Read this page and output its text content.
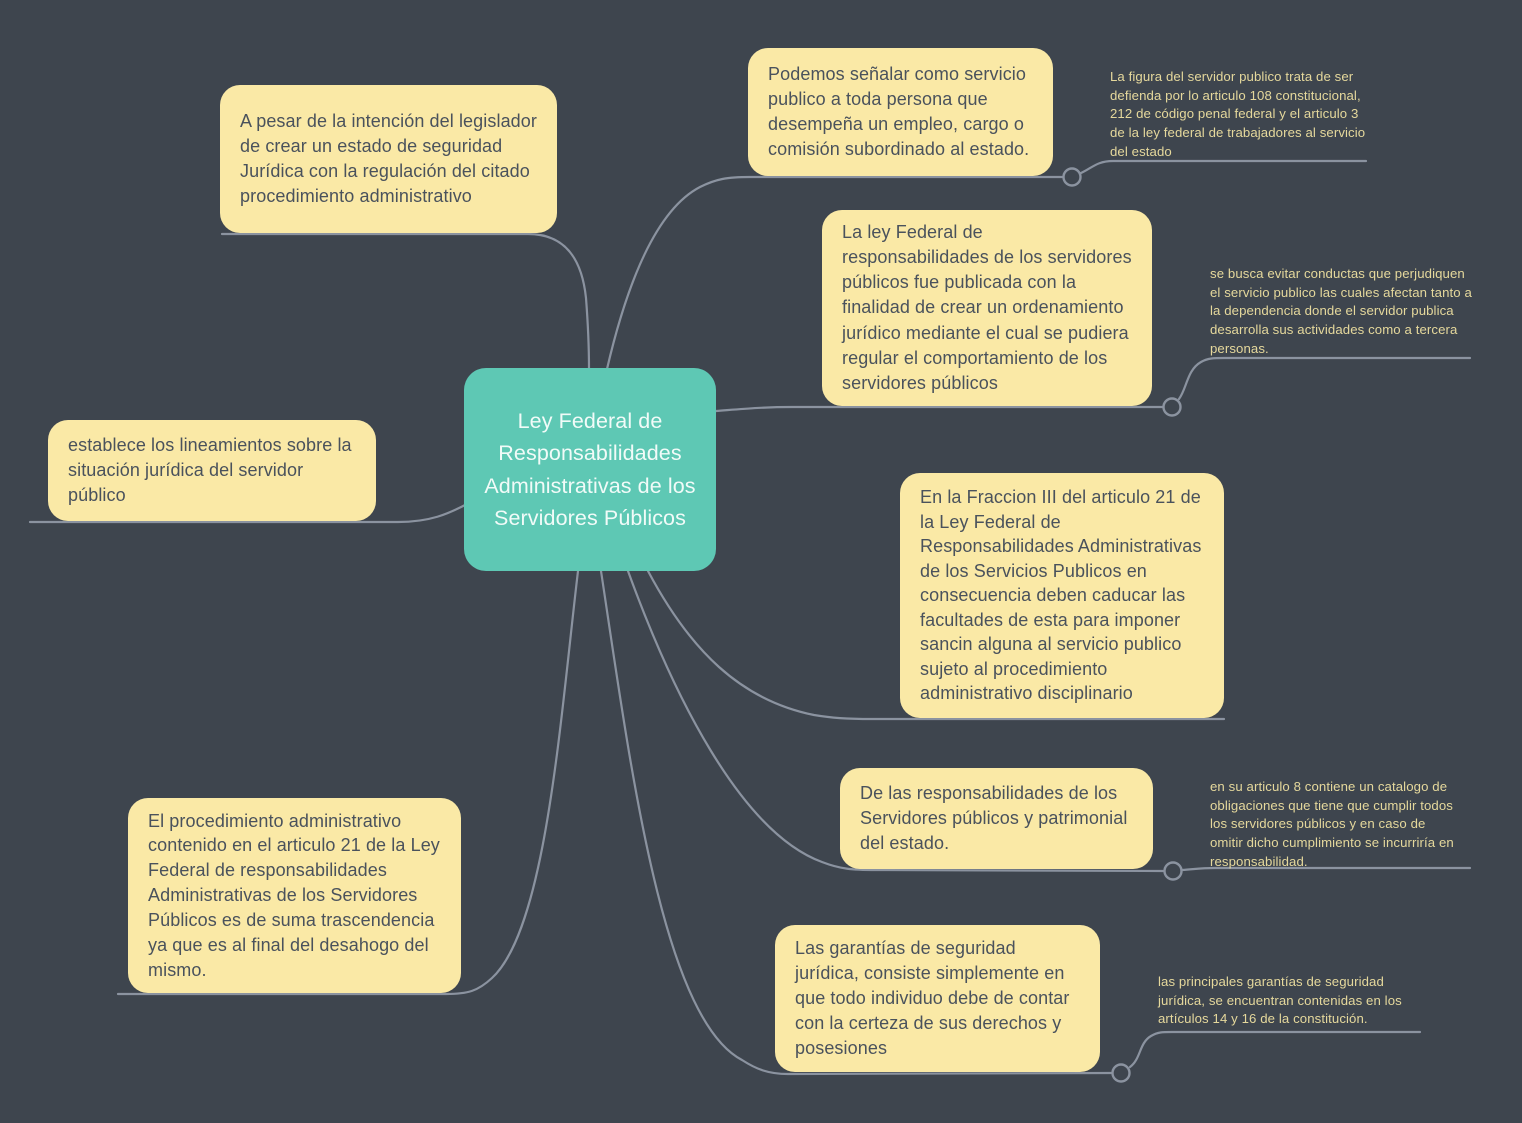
Ley Federal de Responsabilidades Administrativas de los Servidores Públicos
A pesar de la intención del legislador de crear un estado de seguridad Jurídica con la regulación del citado procedimiento administrativo
Podemos señalar como servicio publico a toda persona que desempeña un empleo, cargo o comisión subordinado al estado.
La ley Federal de responsabilidades de los servidores públicos fue publicada con la finalidad de crear un ordenamiento jurídico mediante el cual se pudiera regular el comportamiento de los servidores públicos
establece los lineamientos sobre la situación jurídica del servidor público	En la Fraccion III del articulo 21 de la Ley Federal de Responsabilidades Administrativas de los Servicios Publicos en consecuencia deben caducar las facultades de esta para imponer sancin alguna al servicio publico sujeto al procedimiento administrativo disciplinario
De las responsabilidades de los Servidores públicos y patrimonial del estado.
El procedimiento administrativo contenido en el articulo 21 de la Ley Federal de responsabilidades Administrativas de los Servidores Públicos es de suma trascendencia ya que es al final del desahogo del mismo.
Las garantías de seguridad jurídica, consiste simplemente en que todo individuo debe de contar con la certeza de sus derechos y posesiones
La figura del servidor publico trata de ser defienda por lo articulo 108 constitucional, 212 de código penal federal y el articulo 3 de la ley federal de trabajadores al servicio del estado
se busca evitar conductas que perjudiquen el servicio publico las cuales afectan tanto a la dependencia donde el servidor publica desarrolla sus actividades como a tercera personas.
en su articulo 8 contiene un catalogo de obligaciones que tiene que cumplir todos los servidores públicos y en caso de omitir dicho cumplimiento se incurriría en responsabilidad.
las principales garantías de seguridad jurídica, se encuentran contenidas en los artículos 14 y 16 de la constitución.
